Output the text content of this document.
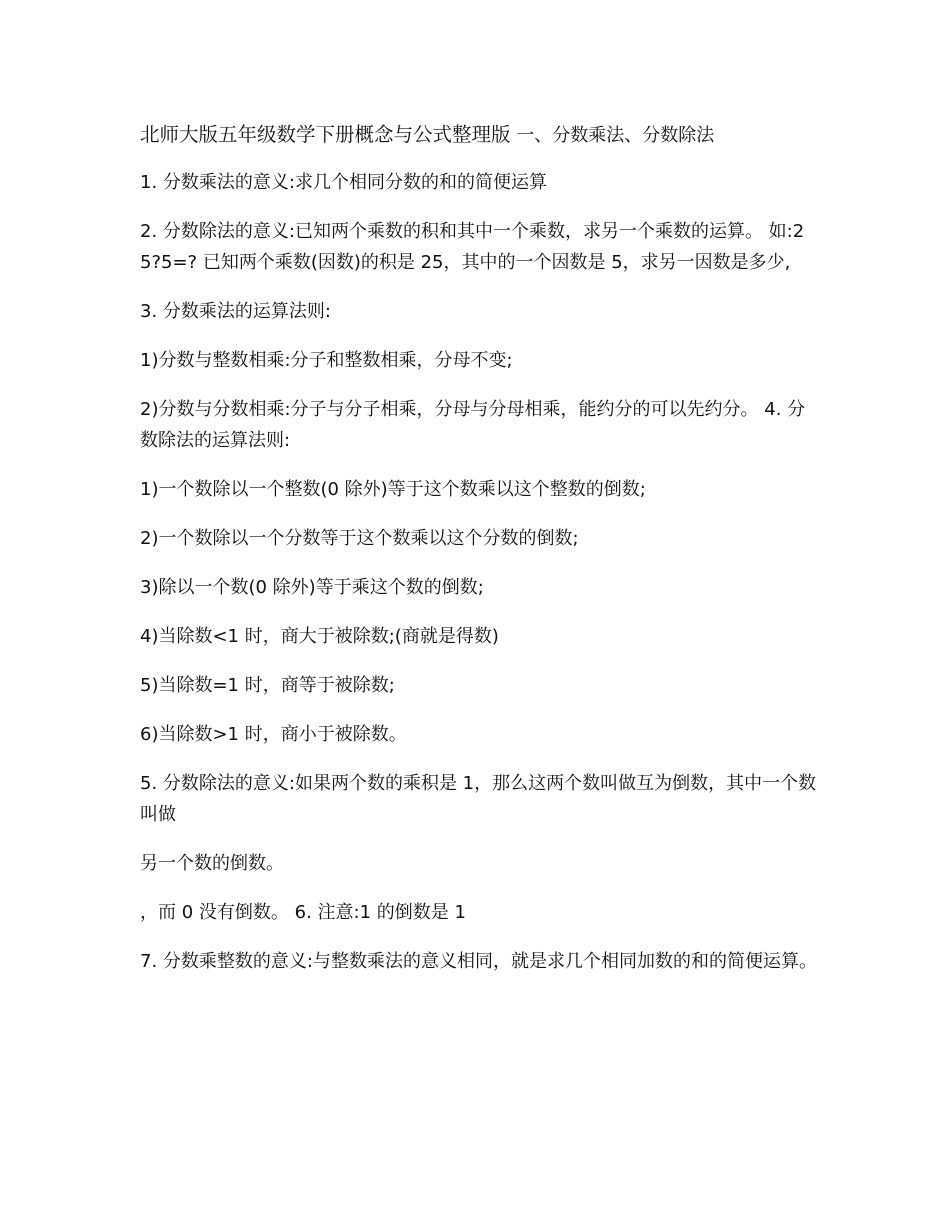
北师大版五年级数学下册概念与公式整理版 一、分数乘法、分数除法

1. 分数乘法的意义:求几个相同分数的和的简便运算

2. 分数除法的意义:已知两个乘数的积和其中一个乘数，求另一个乘数的运算。 如:25?5=? 已知两个乘数(因数)的积是 25，其中的一个因数是 5，求另一因数是多少,

3. 分数乘法的运算法则:

1)分数与整数相乘:分子和整数相乘，分母不变;

2)分数与分数相乘:分子与分子相乘，分母与分母相乘，能约分的可以先约分。 4. 分数除法的运算法则:

1)一个数除以一个整数(0 除外)等于这个数乘以这个整数的倒数;

2)一个数除以一个分数等于这个数乘以这个分数的倒数;

3)除以一个数(0 除外)等于乘这个数的倒数;

4)当除数<1 时，商大于被除数;(商就是得数)

5)当除数=1 时，商等于被除数;

6)当除数>1 时，商小于被除数。

5. 分数除法的意义:如果两个数的乘积是 1，那么这两个数叫做互为倒数，其中一个数叫做

另一个数的倒数。

，而 0 没有倒数。 6. 注意:1 的倒数是 1

7. 分数乘整数的意义:与整数乘法的意义相同，就是求几个相同加数的和的简便运算。
